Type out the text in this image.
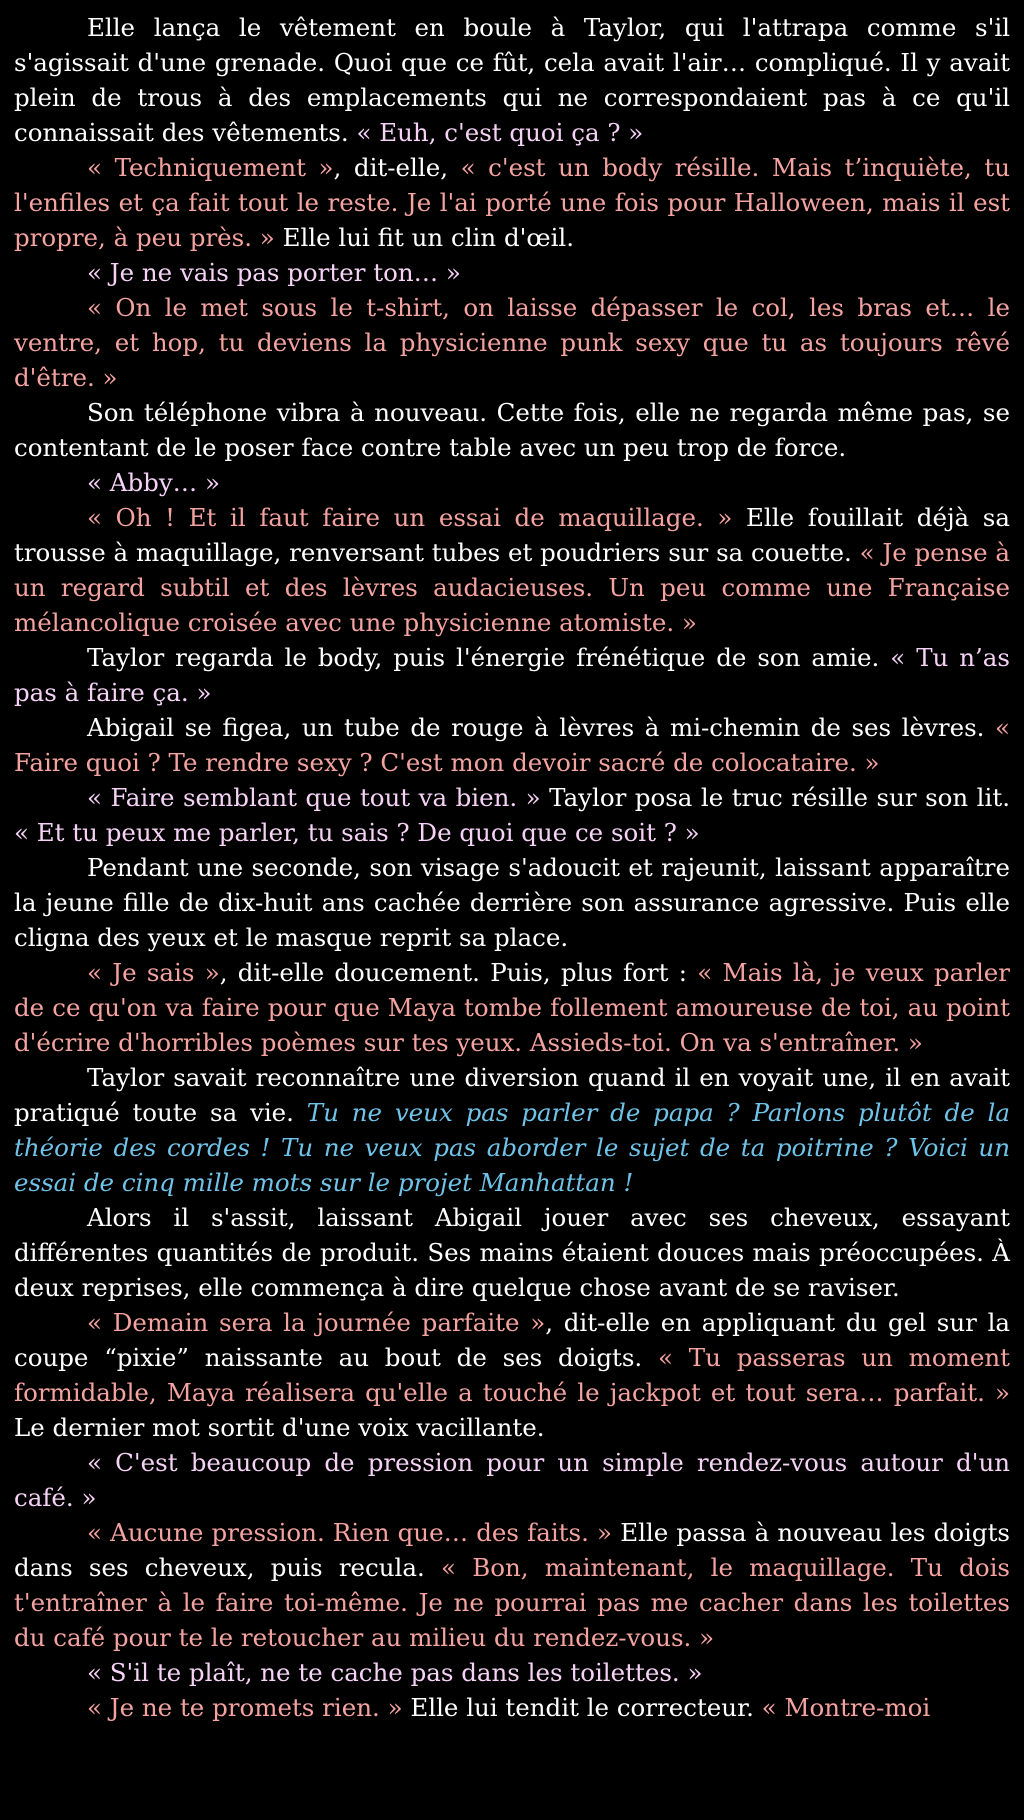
Elle lança le vêtement en boule à Taylor, qui l'attrapa comme s'il s'agissait d'une grenade. Quoi que ce fût, cela avait l'air… compliqué. Il y avait plein de trous à des emplacements qui ne correspondaient pas à ce qu'il connaissait des vêtements. « Euh, c'est quoi ça ? »

« Techniquement », dit-elle, « c'est un body résille. Mais t’inquiète, tu l'enfiles et ça fait tout le reste. Je l'ai porté une fois pour Halloween, mais il est propre, à peu près. » Elle lui fit un clin d'œil.

« Je ne vais pas porter ton… »

« On le met sous le t-shirt, on laisse dépasser le col, les bras et… le ventre, et hop, tu deviens la physicienne punk sexy que tu as toujours rêvé d'être. »

Son téléphone vibra à nouveau. Cette fois, elle ne regarda même pas, se contentant de le poser face contre table avec un peu trop de force.

« Abby… »

« Oh ! Et il faut faire un essai de maquillage. » Elle fouillait déjà sa trousse à maquillage, renversant tubes et poudriers sur sa couette. « Je pense à un regard subtil et des lèvres audacieuses. Un peu comme une Française mélancolique croisée avec une physicienne atomiste. »

Taylor regarda le body, puis l'énergie frénétique de son amie. « Tu n’as pas à faire ça. »

Abigail se figea, un tube de rouge à lèvres à mi-chemin de ses lèvres. « Faire quoi ? Te rendre sexy ? C'est mon devoir sacré de colocataire. »

« Faire semblant que tout va bien. » Taylor posa le truc résille sur son lit. « Et tu peux me parler, tu sais ? De quoi que ce soit ? »

Pendant une seconde, son visage s'adoucit et rajeunit, laissant apparaître la jeune fille de dix-huit ans cachée derrière son assurance agressive. Puis elle cligna des yeux et le masque reprit sa place.

« Je sais », dit-elle doucement. Puis, plus fort : « Mais là, je veux parler de ce qu'on va faire pour que Maya tombe follement amoureuse de toi, au point d'écrire d'horribles poèmes sur tes yeux. Assieds-toi. On va s'entraîner. »

Taylor savait reconnaître une diversion quand il en voyait une, il en avait pratiqué toute sa vie. Tu ne veux pas parler de papa ? Parlons plutôt de la théorie des cordes ! Tu ne veux pas aborder le sujet de ta poitrine ? Voici un essai de cinq mille mots sur le projet Manhattan !

Alors il s'assit, laissant Abigail jouer avec ses cheveux, essayant différentes quantités de produit. Ses mains étaient douces mais préoccupées. À deux reprises, elle commença à dire quelque chose avant de se raviser.

« Demain sera la journée parfaite », dit-elle en appliquant du gel sur la coupe “pixie” naissante au bout de ses doigts. « Tu passeras un moment formidable, Maya réalisera qu'elle a touché le jackpot et tout sera… parfait. » Le dernier mot sortit d'une voix vacillante.

« C'est beaucoup de pression pour un simple rendez-vous autour d'un café. »

« Aucune pression. Rien que… des faits. » Elle passa à nouveau les doigts dans ses cheveux, puis recula. « Bon, maintenant, le maquillage. Tu dois t'entraîner à le faire toi-même. Je ne pourrai pas me cacher dans les toilettes du café pour te le retoucher au milieu du rendez-vous. »

« S'il te plaît, ne te cache pas dans les toilettes. »

« Je ne te promets rien. » Elle lui tendit le correcteur. « Montre-moi
